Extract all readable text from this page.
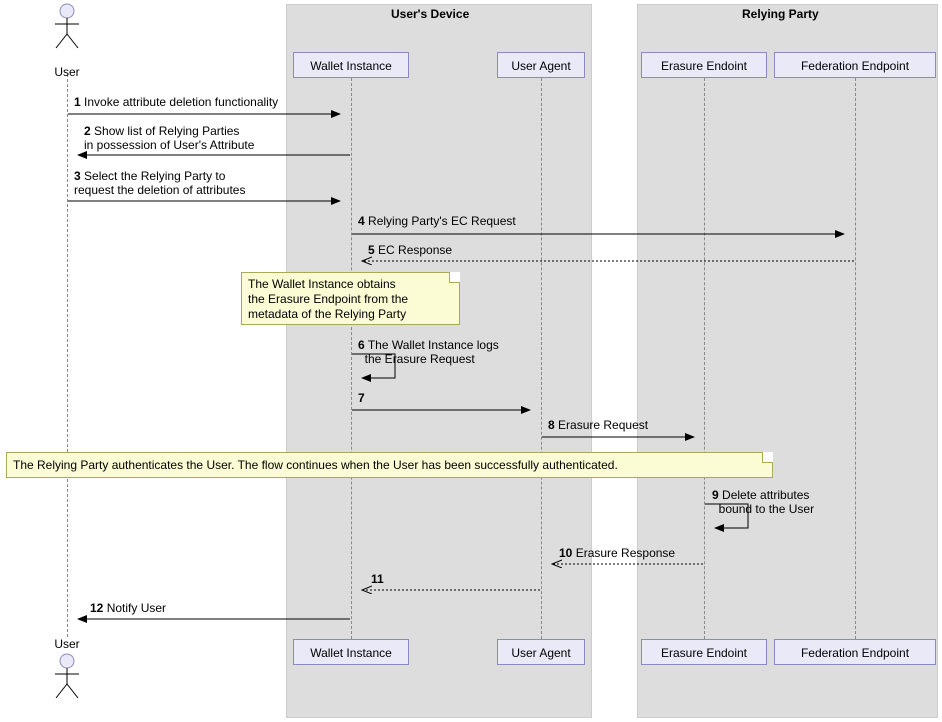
User's Device	Relying Party
User
User
Wallet Instance	User Agent	Erasure Endoint	Federation Endpoint
Wallet Instance	User Agent	Erasure Endoint	Federation Endpoint
1 Invoke attribute deletion functionality
2 Show list of Relying Parties
in possession of User's Attribute
3 Select the Relying Party to
request the deletion of attributes
4 Relying Party's EC Request
5 EC Response
6 The Wallet Instance logs
the Erasure Request
7
8 Erasure Request
9 Delete attributes
bound to the User
10 Erasure Response
11
12 Notify User
The Wallet Instance obtains
the Erasure Endpoint from the
metadata of the Relying Party
The Relying Party authenticates the User. The flow continues when the User has been successfully authenticated.
